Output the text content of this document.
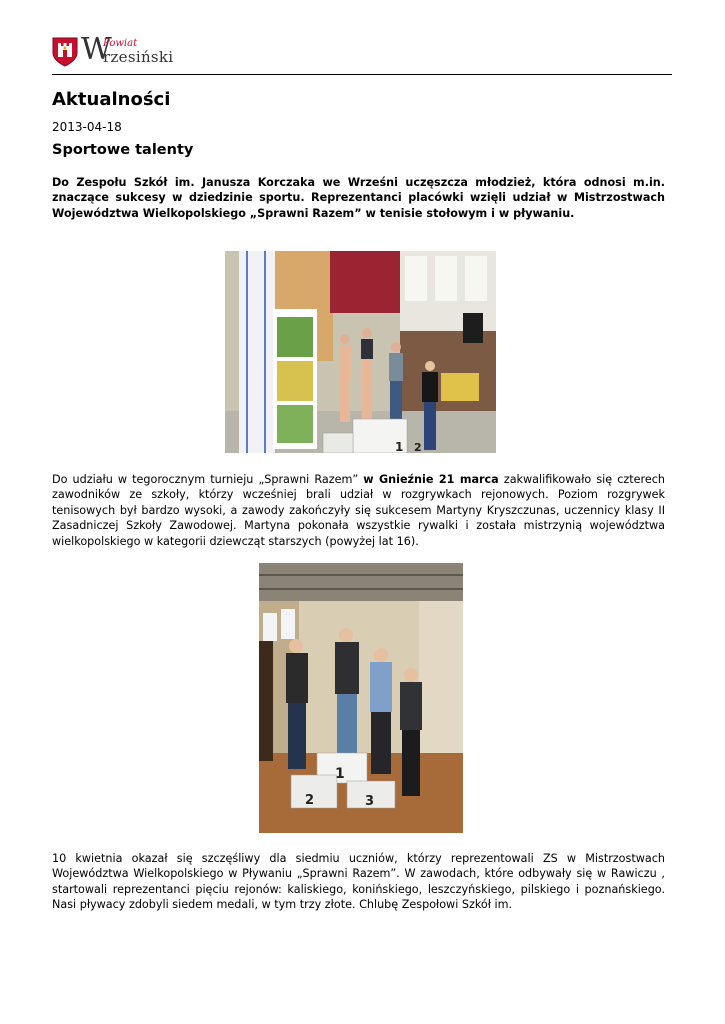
W
Powiat
rzesiński
Aktualności
2013-04-18
Sportowe talenty

Do Zespołu Szkół im. Janusza Korczaka we Wrześni uczęszcza młodzież, która odnosi m.in. znaczące sukcesy w dziedzinie sportu. Reprezentanci placówki wzięli udział w Mistrzostwach Województwa Wielkopolskiego „Sprawni Razem” w tenisie stołowym i w pływaniu.

1 2

Do udziału w tegorocznym turnieju „Sprawni Razem” w Gnieźnie 21 marca zakwalifikowało się czterech zawodników ze szkoły, którzy wcześniej brali udział w rozgrywkach rejonowych. Poziom rozgrywek tenisowych był bardzo wysoki, a zawody zakończyły się sukcesem Martyny Kryszczunas, uczennicy klasy II Zasadniczej Szkoły Zawodowej. Martyna pokonała wszystkie rywalki i została mistrzynią województwa wielkopolskiego w kategorii dziewcząt starszych (powyżej lat 16).

1
2	3

10 kwietnia okazał się szczęśliwy dla siedmiu uczniów, którzy reprezentowali ZS w Mistrzostwach Województwa Wielkopolskiego w Pływaniu „Sprawni Razem”. W zawodach, które odbywały się w Rawiczu , startowali reprezentanci pięciu rejonów: kaliskiego, konińskiego, leszczyńskiego, pilskiego i poznańskiego. Nasi pływacy zdobyli siedem medali, w tym trzy złote. Chlubę Zespołowi Szkół im.
